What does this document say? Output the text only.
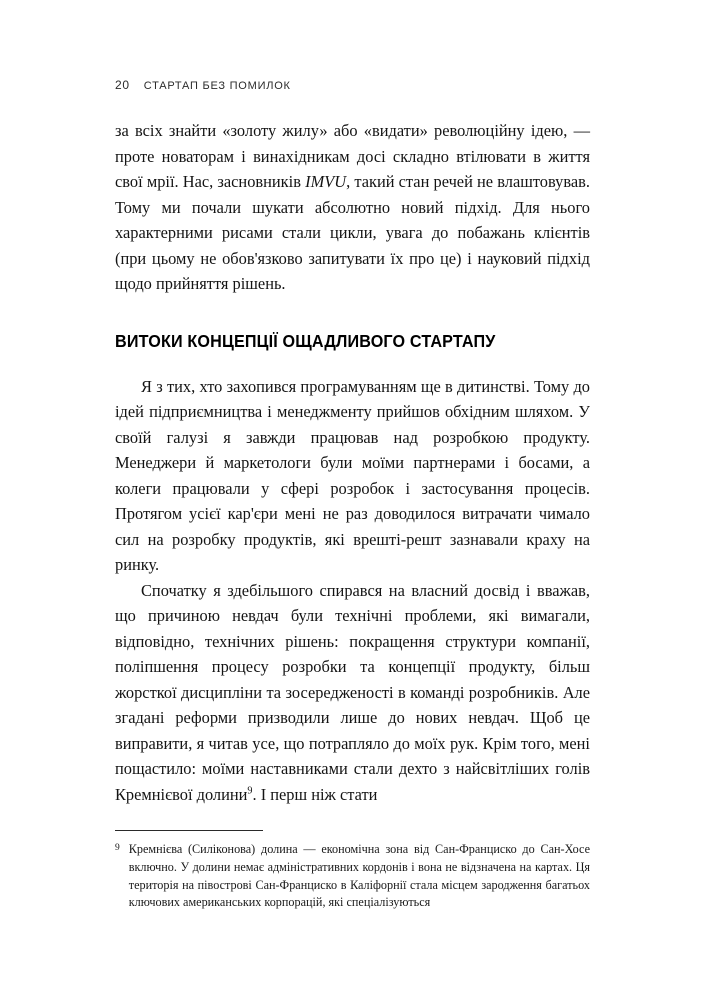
20 СТАРТАП БЕЗ ПОМИЛОК

за всіх знайти «золоту жилу» або «видати» революційну ідею, — проте новаторам і винахідникам досі складно втілювати в життя свої мрії. Нас, засновників IMVU, такий стан речей не влаштовував. Тому ми почали шукати абсолютно новий підхід. Для нього характерними рисами стали цикли, увага до побажань клієнтів (при цьому не обов'язково запитувати їх про це) і науковий підхід щодо прийняття рішень.

ВИТОКИ КОНЦЕПЦІЇ ОЩАДЛИВОГО СТАРТАПУ

Я з тих, хто захопився програмуванням ще в дитинстві. Тому до ідей підприємництва і менеджменту прийшов обхідним шляхом. У своїй галузі я завжди працював над розробкою продукту. Менеджери й маркетологи були моїми партнерами і босами, а колеги працювали у сфері розробок і застосування процесів. Протягом усієї кар'єри мені не раз доводилося витрачати чимало сил на розробку продуктів, які врешті-решт зазнавали краху на ринку.

Спочатку я здебільшого спирався на власний досвід і вважав, що причиною невдач були технічні проблеми, які вимагали, відповідно, технічних рішень: покращення структури компанії, поліпшення процесу розробки та концепції продукту, більш жорсткої дисципліни та зосередженості в команді розробників. Але згадані реформи призводили лише до нових невдач. Щоб це виправити, я читав усе, що потрапляло до моїх рук. Крім того, мені пощастило: моїми наставниками стали дехто з найсвітліших голів Кремнієвої долини$^9$. І перш ніж стати

9 Кремнієва (Силіконова) долина — економічна зона від Сан-Франциско до Сан-Хосе включно. У долини немає адміністративних кордонів і вона не відзначена на картах. Ця територія на півострові Сан-Франциско в Каліфорнії стала місцем зародження багатьох ключових американських корпорацій, які спеціалізуються
